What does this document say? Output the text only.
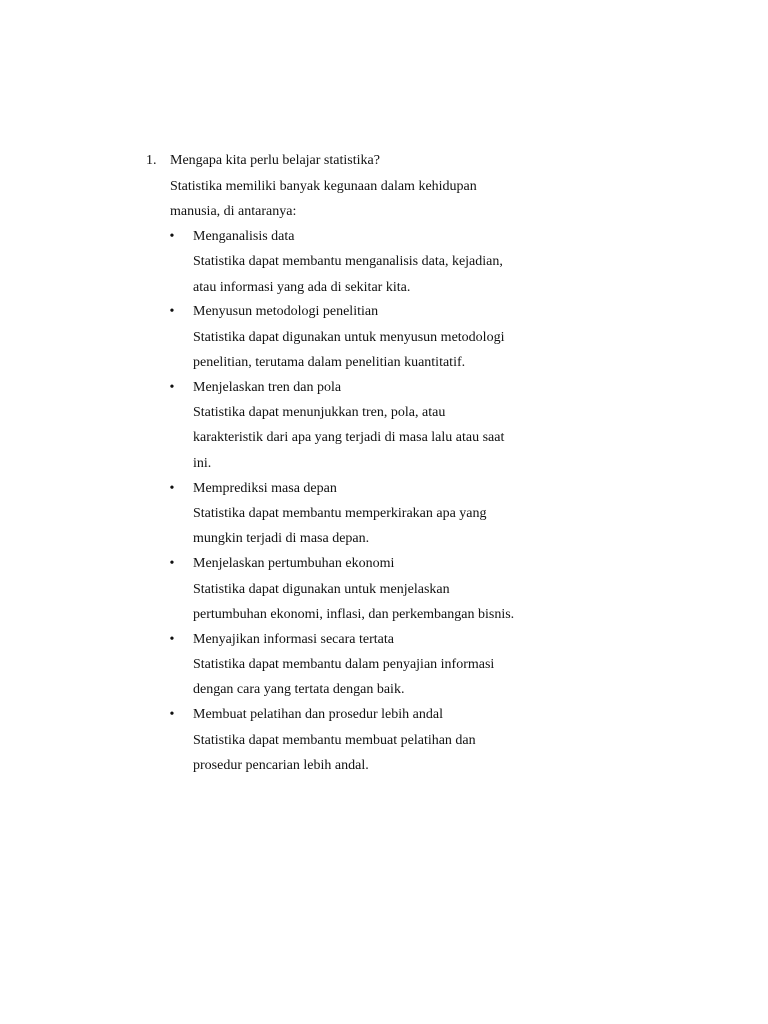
1. Mengapa kita perlu belajar statistika?
Statistika memiliki banyak kegunaan dalam kehidupan
manusia, di antaranya:
• Menganalisis data
Statistika dapat membantu menganalisis data, kejadian,
atau informasi yang ada di sekitar kita.
• Menyusun metodologi penelitian
Statistika dapat digunakan untuk menyusun metodologi
penelitian, terutama dalam penelitian kuantitatif.
• Menjelaskan tren dan pola
Statistika dapat menunjukkan tren, pola, atau
karakteristik dari apa yang terjadi di masa lalu atau saat
ini.
• Memprediksi masa depan
Statistika dapat membantu memperkirakan apa yang
mungkin terjadi di masa depan.
• Menjelaskan pertumbuhan ekonomi
Statistika dapat digunakan untuk menjelaskan
pertumbuhan ekonomi, inflasi, dan perkembangan bisnis.
• Menyajikan informasi secara tertata
Statistika dapat membantu dalam penyajian informasi
dengan cara yang tertata dengan baik.
• Membuat pelatihan dan prosedur lebih andal
Statistika dapat membantu membuat pelatihan dan
prosedur pencarian lebih andal.
